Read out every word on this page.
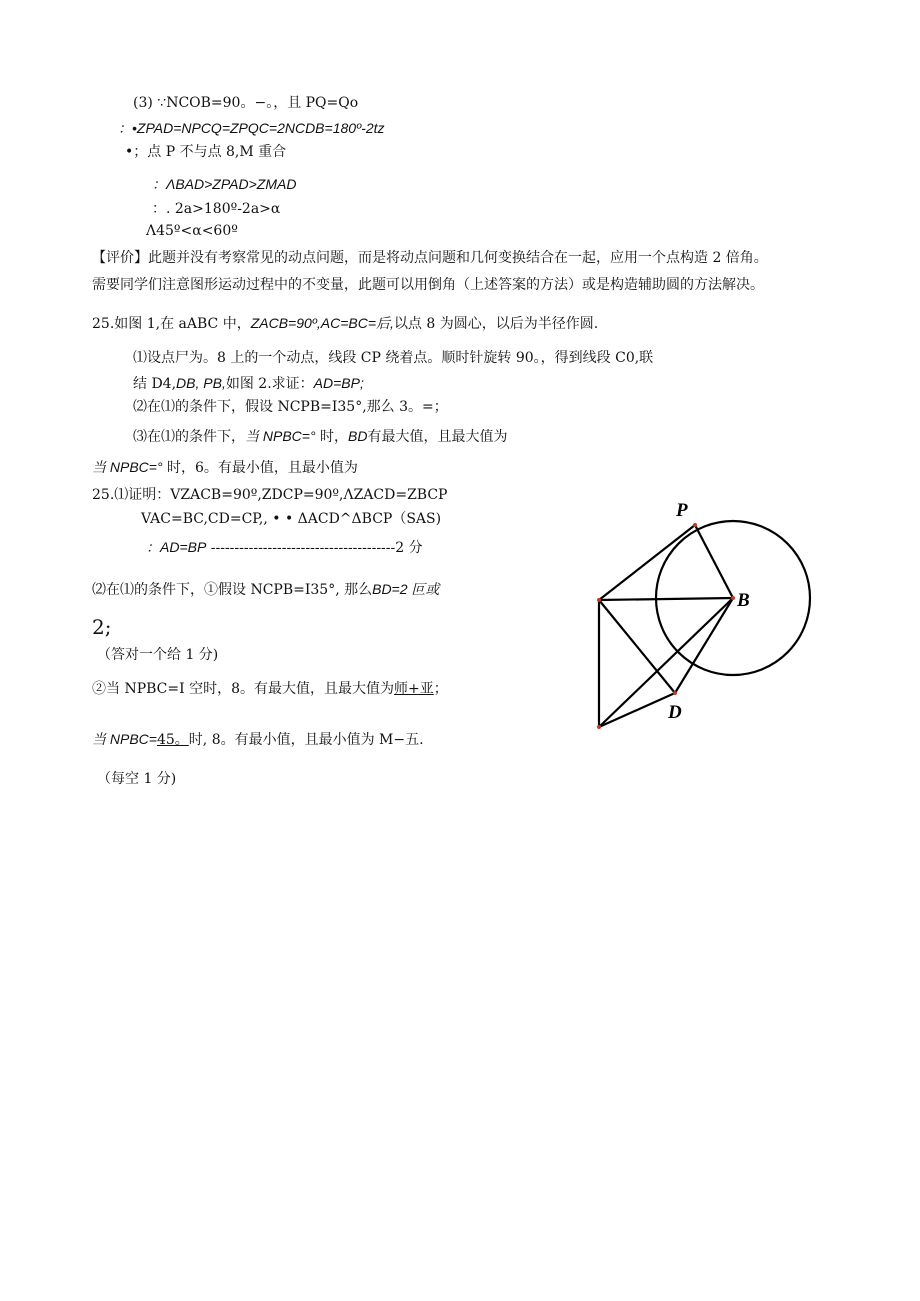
(3) ∵NCOB=90。−。，且 PQ=Qo
：•ZPAD=NPCQ=ZPQC=2NCDB=180º-2tz
•；点 P 不与点 8,M 重合
：ΛBAD>ZPAD>ZMAD
：. 2a>180º-2a>α
Λ45º<α<60º
【评价】此题并没有考察常见的动点问题，而是将动点问题和几何变换结合在一起，应用一个点构造 2 倍角。
需要同学们注意图形运动过程中的不变量，此题可以用倒角（上述答案的方法）或是构造辅助圆的方法解决。
25.如图 1,在 aABC 中，ZACB=90º,AC=BC=后,以点 8 为圆心，以后为半径作圆.
⑴设点尸为。8 上的一个动点，线段 CP 绕着点。顺时针旋转 90。，得到线段 C0,联
结 D4,DB, PB,如图 2.求证：AD=BP;
⑵在⑴的条件下，假设 NCPB=I35°,那么 3。=；
⑶在⑴的条件下，当 NPBC=° 时，BD有最大值，且最大值为
当 NPBC=° 时，6。有最小值，且最小值为
25.⑴证明：VZACB=90º,ZDCP=90º,ΛZACD=ZBCP
VAC=BC,CD=CP,, • • ΔACD^ΔBCP（SAS)
：AD=BP ---------------------------------------2 分
⑵在⑴的条件下，①假设 NCPB=I35°, 那么BD=2 叵或
2;
（答对一个给 1 分)
②当 NPBC=I 空时，8。有最大值，且最大值为师+亚；
当 NPBC=45。时, 8。有最小值，且最小值为 M−五.
（每空 1 分)
P
B
D
